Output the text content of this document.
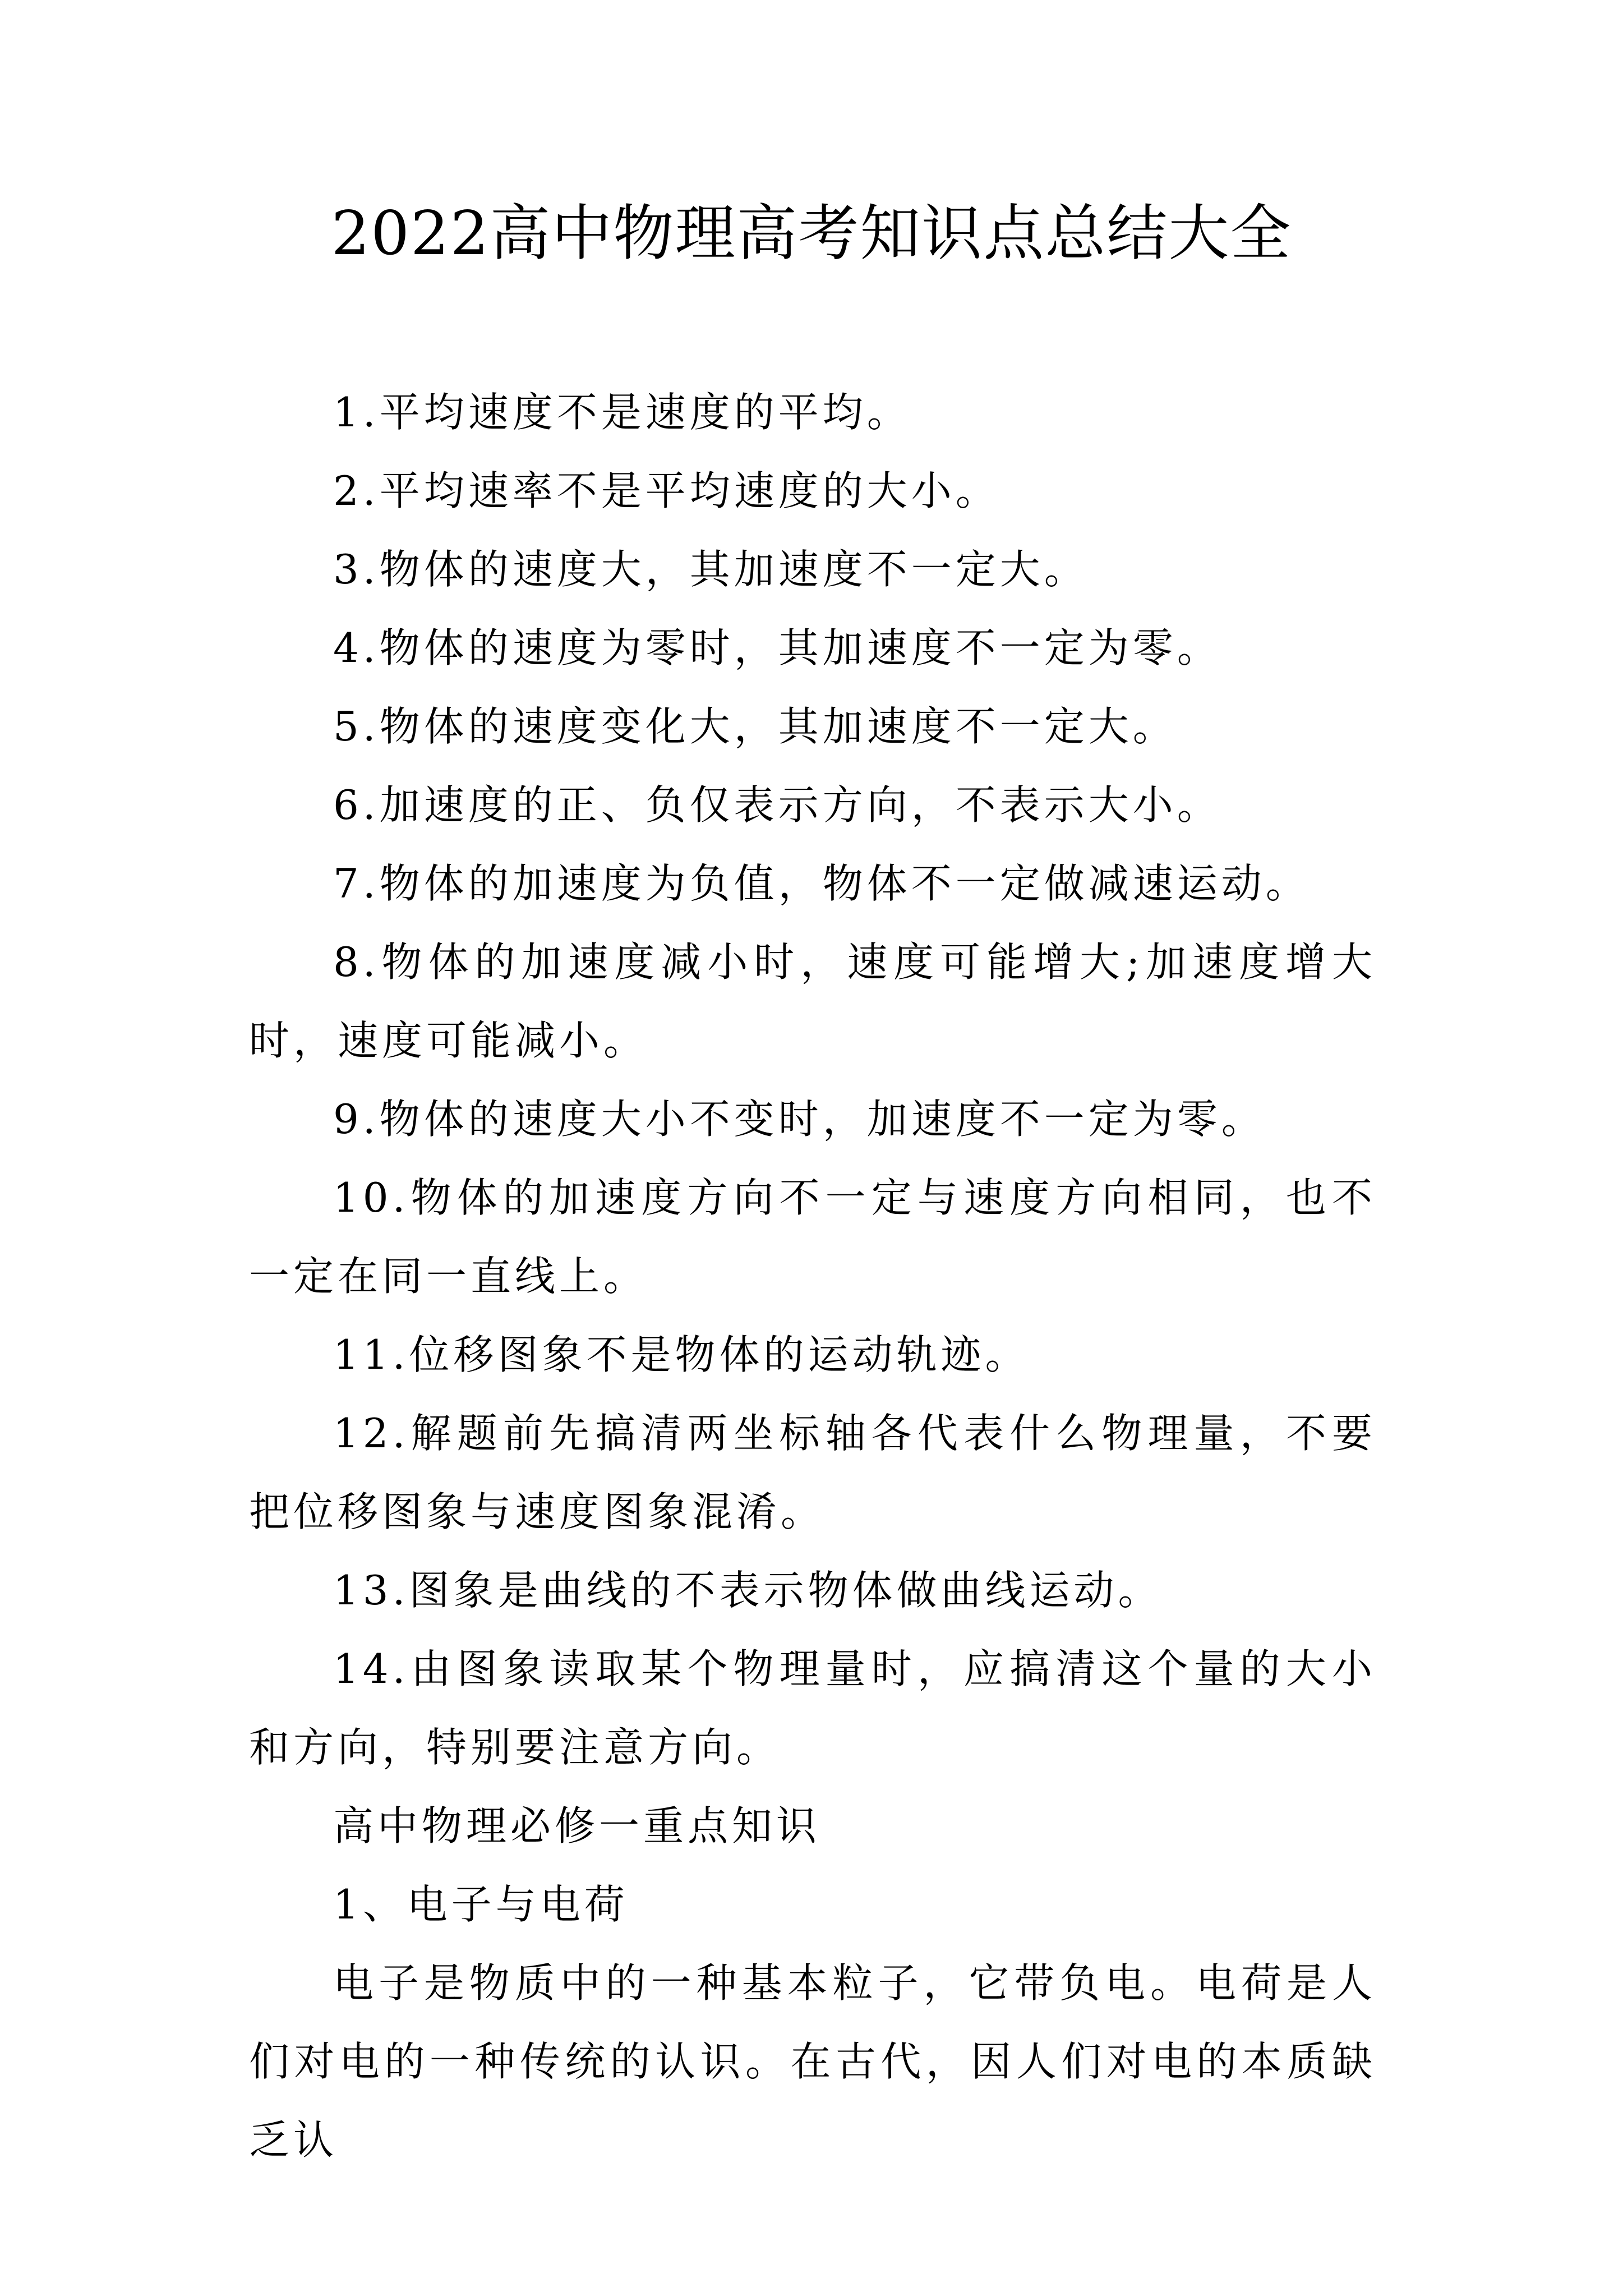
2022高中物理高考知识点总结大全

1.平均速度不是速度的平均。

2.平均速率不是平均速度的大小。

3.物体的速度大，其加速度不一定大。

4.物体的速度为零时，其加速度不一定为零。

5.物体的速度变化大，其加速度不一定大。

6.加速度的正、负仅表示方向，不表示大小。

7.物体的加速度为负值，物体不一定做减速运动。

8.物体的加速度减小时，速度可能增大;加速度增大时，速度可能减小。

9.物体的速度大小不变时，加速度不一定为零。

10.物体的加速度方向不一定与速度方向相同，也不一定在同一直线上。

11.位移图象不是物体的运动轨迹。

12.解题前先搞清两坐标轴各代表什么物理量，不要把位移图象与速度图象混淆。

13.图象是曲线的不表示物体做曲线运动。

14.由图象读取某个物理量时，应搞清这个量的大小和方向，特别要注意方向。

高中物理必修一重点知识

1、电子与电荷

电子是物质中的一种基本粒子，它带负电。电荷是人们对电的一种传统的认识。在古代，因人们对电的本质缺乏认
